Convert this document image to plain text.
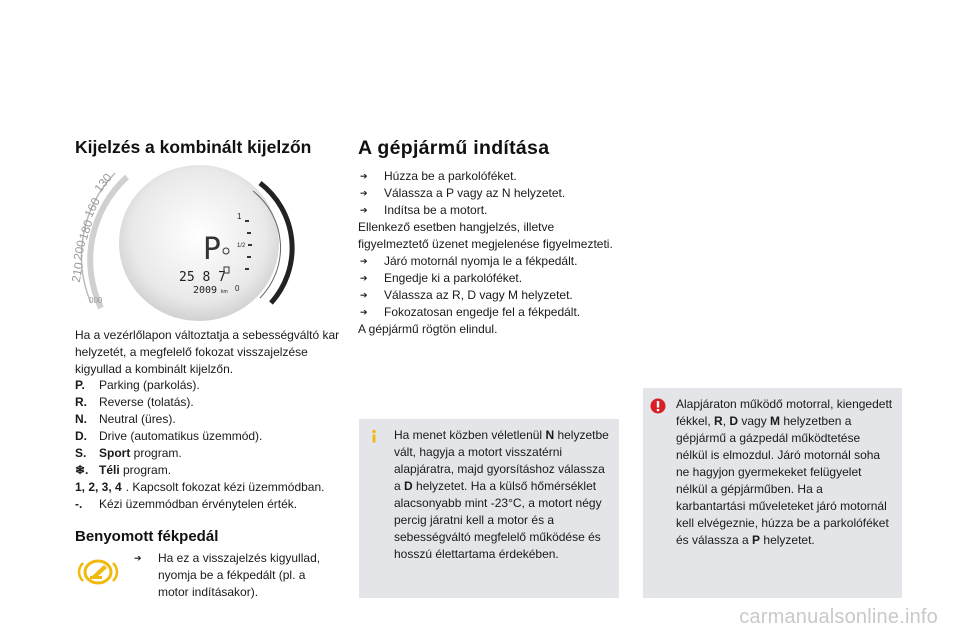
Kijelzés a kombinált kijelzőn
210
200
180
160
130
000
1
1/2
0
P
25 8 7
2009 km
Ha a vezérlőlapon változtatja a sebességváltó kar helyzetét, a megfelelő fokozat visszajelzése kigyullad a kombinált kijelzőn.
P.	Parking (parkolás).
R.	Reverse (tolatás).
N.	Neutral (üres).
D.	Drive (automatikus üzemmód).
S.	Sport program.
❄. Téli program.
1, 2, 3, 4 . Kapcsolt fokozat kézi üzemmódban.
-.	Kézi üzemmódban érvénytelen érték.
Benyomott fékpedál
➔	Ha ez a visszajelzés kigyullad, nyomja be a fékpedált (pl. a motor indításakor).
A gépjármű indítása
➔	Húzza be a parkolóféket.
➔	Válassza a P vagy az N helyzetet.
➔	Indítsa be a motort.
Ellenkező esetben hangjelzés, illetve figyelmeztető üzenet megjelenése figyelmezteti.
➔	Járó motornál nyomja le a fékpedált.
➔	Engedje ki a parkolóféket.
➔	Válassza az R, D vagy M helyzetet.
➔	Fokozatosan engedje fel a fékpedált.
A gépjármű rögtön elindul.
Ha menet közben véletlenül N helyzetbe vált, hagyja a motort visszatérni alapjáratra, majd gyorsításhoz válassza a D helyzetet. Ha a külső hőmérséklet alacsonyabb mint -23°C, a motort négy percig járatni kell a motor és a sebességváltó megfelelő működése és hosszú élettartama érdekében.
Alapjáraton működő motorral, kiengedett fékkel, R, D vagy M helyzetben a gépjármű a gázpedál működtetése nélkül is elmozdul. Járó motornál soha ne hagyjon gyermekeket felügyelet nélkül a gépjárműben. Ha a karbantartási műveleteket járó motornál kell elvégeznie, húzza be a parkolóféket és válassza a P helyzetet.
carmanualsonline.info
